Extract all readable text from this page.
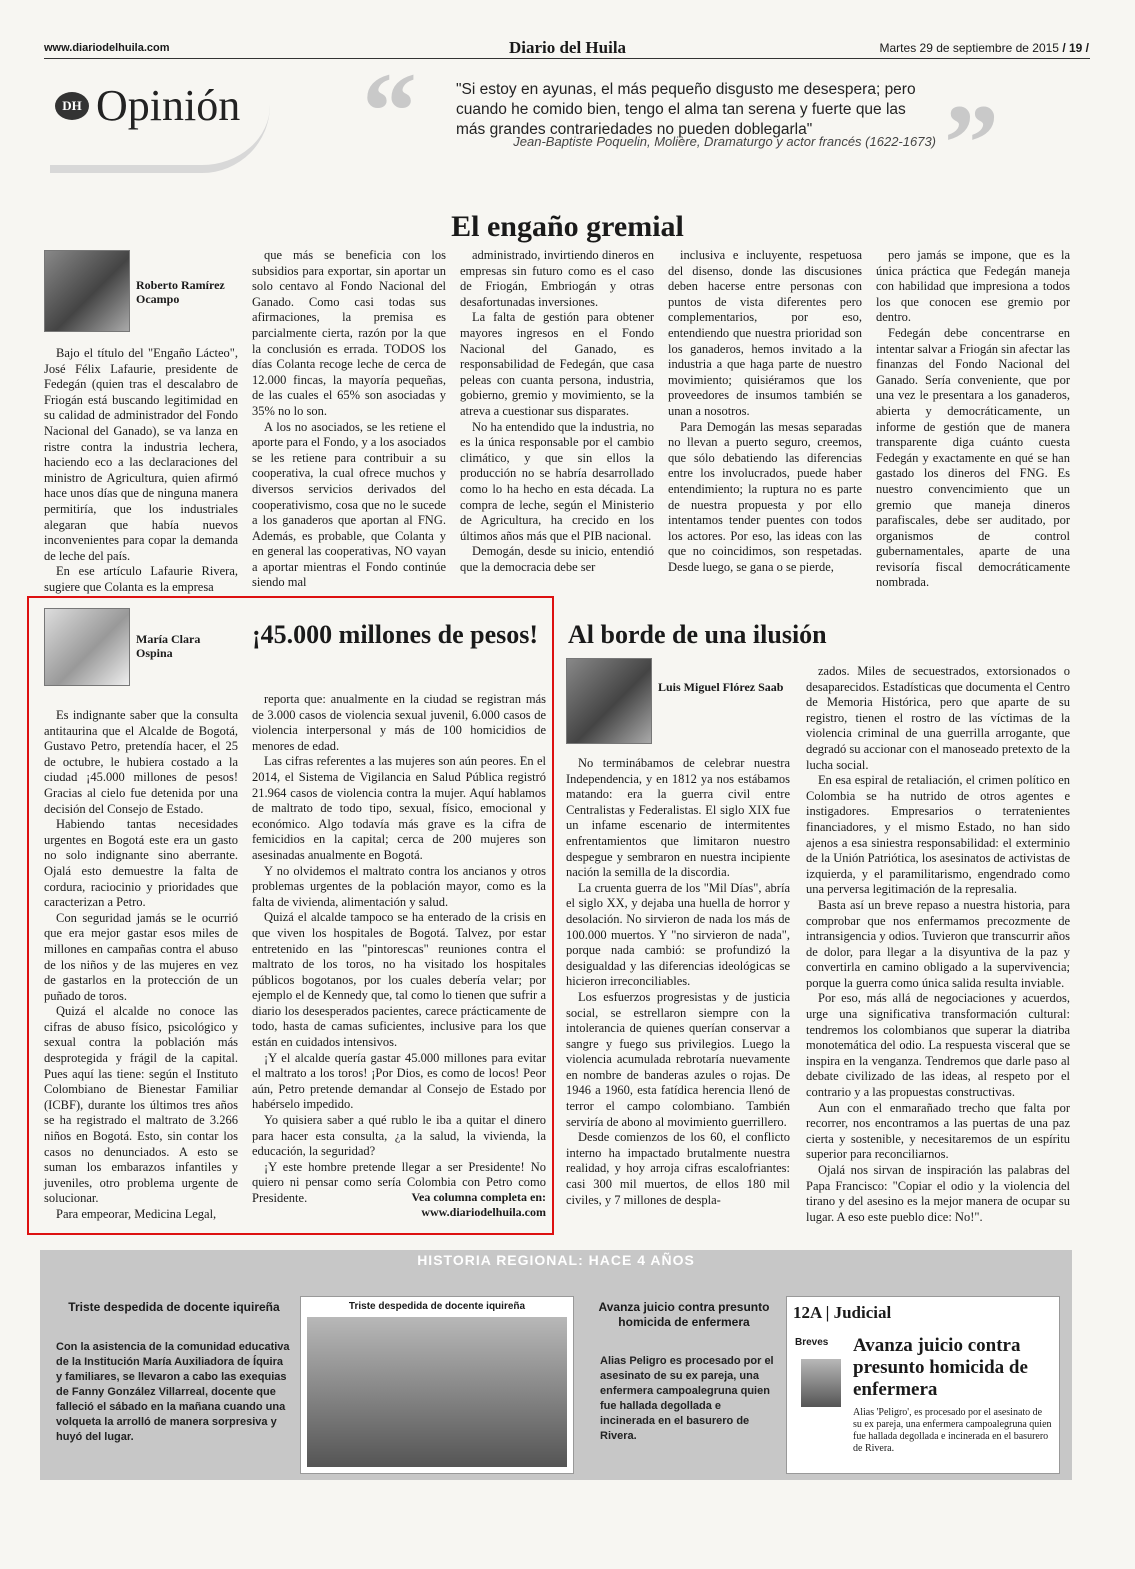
www.diariodelhuila.com	Diario del Huila	Martes 29 de septiembre de 2015 / 19 /
DH Opinión “	"Si estoy en ayunas, el más pequeño disgusto me desespera; pero cuando he comido bien, tengo el alma tan serena y fuerte que las más grandes contrariedades no pueden doblegarla"
Jean-Baptiste Poquelin, Molière, Dramaturgo y actor francés (1622-1673) ”
El engaño gremial
Roberto Ramírez Ocampo

Bajo el título del "Engaño Lácteo", José Félix Lafaurie, presidente de Fedegán (quien tras el descalabro de Friogán está buscando legitimidad en su calidad de administrador del Fondo Nacional del Ganado), se va lanza en ristre contra la industria lechera, haciendo eco a las declaraciones del ministro de Agricultura, quien afirmó hace unos días que de ninguna manera permitiría, que los industriales alegaran que había nuevos inconvenientes para copar la demanda de leche del país.

En ese artículo Lafaurie Rivera, sugiere que Colanta es la empresa

que más se beneficia con los subsidios para exportar, sin aportar un solo centavo al Fondo Nacional del Ganado. Como casi todas sus afirmaciones, la premisa es parcialmente cierta, razón por la que la conclusión es errada. TODOS los días Colanta recoge leche de cerca de 12.000 fincas, la mayoría pequeñas, de las cuales el 65% son asociadas y 35% no lo son.

A los no asociados, se les retiene el aporte para el Fondo, y a los asociados se les retiene para contribuir a su cooperativa, la cual ofrece muchos y diversos servicios derivados del cooperativismo, cosa que no le sucede a los ganaderos que aportan al FNG. Además, es probable, que Colanta y en general las cooperativas, NO vayan a aportar mientras el Fondo continúe siendo mal

administrado, invirtiendo dineros en empresas sin futuro como es el caso de Friogán, Embriogán y otras desafortunadas inversiones.

La falta de gestión para obtener mayores ingresos en el Fondo Nacional del Ganado, es responsabilidad de Fedegán, que casa peleas con cuanta persona, industria, gobierno, gremio y movimiento, se la atreva a cuestionar sus disparates.

No ha entendido que la industria, no es la única responsable por el cambio climático, y que sin ellos la producción no se habría desarrollado como lo ha hecho en esta década. La compra de leche, según el Ministerio de Agricultura, ha crecido en los últimos años más que el PIB nacional.

Demogán, desde su inicio, entendió que la democracia debe ser

inclusiva e incluyente, respetuosa del disenso, donde las discusiones deben hacerse entre personas con puntos de vista diferentes pero complementarios, por eso, entendiendo que nuestra prioridad son los ganaderos, hemos invitado a la industria a que haga parte de nuestro movimiento; quisiéramos que los proveedores de insumos también se unan a nosotros.

Para Demogán las mesas separadas no llevan a puerto seguro, creemos, que sólo debatiendo las diferencias entre los involucrados, puede haber entendimiento; la ruptura no es parte de nuestra propuesta y por ello intentamos tender puentes con todos los actores. Por eso, las ideas con las que no coincidimos, son respetadas. Desde luego, se gana o se pierde,

pero jamás se impone, que es la única práctica que Fedegán maneja con habilidad que impresiona a todos los que conocen ese gremio por dentro.

Fedegán debe concentrarse en intentar salvar a Friogán sin afectar las finanzas del Fondo Nacional del Ganado. Sería conveniente, que por una vez le presentara a los ganaderos, abierta y democráticamente, un informe de gestión que de manera transparente diga cuánto cuesta Fedegán y exactamente en qué se han gastado los dineros del FNG. Es nuestro convencimiento que un gremio que maneja dineros parafiscales, debe ser auditado, por organismos de control gubernamentales, aparte de una revisoría fiscal democráticamente nombrada.

María Clara Ospina
¡45.000 millones de pesos!

Es indignante saber que la consulta antitaurina que el Alcalde de Bogotá, Gustavo Petro, pretendía hacer, el 25 de octubre, le hubiera costado a la ciudad ¡45.000 millones de pesos! Gracias al cielo fue detenida por una decisión del Consejo de Estado.

Habiendo tantas necesidades urgentes en Bogotá este era un gasto no solo indignante sino aberrante. Ojalá esto demuestre la falta de cordura, raciocinio y prioridades que caracterizan a Petro.

Con seguridad jamás se le ocurrió que era mejor gastar esos miles de millones en campañas contra el abuso de los niños y de las mujeres en vez de gastarlos en la protección de un puñado de toros.

Quizá el alcalde no conoce las cifras de abuso físico, psicológico y sexual contra la población más desprotegida y frágil de la capital. Pues aquí las tiene: según el Instituto Colombiano de Bienestar Familiar (ICBF), durante los últimos tres años se ha registrado el maltrato de 3.266 niños en Bogotá. Esto, sin contar los casos no denunciados. A esto se suman los embarazos infantiles y juveniles, otro problema urgente de solucionar.

Para empeorar, Medicina Legal,

reporta que: anualmente en la ciudad se registran más de 3.000 casos de violencia sexual juvenil, 6.000 casos de violencia interpersonal y más de 100 homicidios de menores de edad.

Las cifras referentes a las mujeres son aún peores. En el 2014, el Sistema de Vigilancia en Salud Pública registró 21.964 casos de violencia contra la mujer. Aquí hablamos de maltrato de todo tipo, sexual, físico, emocional y económico. Algo todavía más grave es la cifra de femicidios en la capital; cerca de 200 mujeres son asesinadas anualmente en Bogotá.

Y no olvidemos el maltrato contra los ancianos y otros problemas urgentes de la población mayor, como es la falta de vivienda, alimentación y salud.

Quizá el alcalde tampoco se ha enterado de la crisis en que viven los hospitales de Bogotá. Talvez, por estar entretenido en las "pintorescas" reuniones contra el maltrato de los toros, no ha visitado los hospitales públicos bogotanos, por los cuales debería velar; por ejemplo el de Kennedy que, tal como lo tienen que sufrir a diario los desesperados pacientes, carece prácticamente de todo, hasta de camas suficientes, inclusive para los que están en cuidados intensivos.

¡Y el alcalde quería gastar 45.000 millones para evitar el maltrato a los toros! ¡Por Dios, es como de locos! Peor aún, Petro pretende demandar al Consejo de Estado por habérselo impedido.

Yo quisiera saber a qué rublo le iba a quitar el dinero para hacer esta consulta, ¿a la salud, la vivienda, la educación, la seguridad?

¡Y este hombre pretende llegar a ser Presidente! No quiero ni pensar como sería Colombia con Petro como Presidente.	Vea columna completa en:
www.diariodelhuila.com
Al borde de una ilusión
Luis Miguel Flórez Saab

No terminábamos de celebrar nuestra Independencia, y en 1812 ya nos estábamos matando: era la guerra civil entre Centralistas y Federalistas. El siglo XIX fue un infame escenario de intermitentes enfrentamientos que limitaron nuestro despegue y sembraron en nuestra incipiente nación la semilla de la discordia.

La cruenta guerra de los "Mil Días", abría el siglo XX, y dejaba una huella de horror y desolación. No sirvieron de nada los más de 100.000 muertos. Y "no sirvieron de nada", porque nada cambió: se profundizó la desigualdad y las diferencias ideológicas se hicieron irreconciliables.

Los esfuerzos progresistas y de justicia social, se estrellaron siempre con la intolerancia de quienes querían conservar a sangre y fuego sus privilegios. Luego la violencia acumulada rebrotaría nuevamente en nombre de banderas azules o rojas. De 1946 a 1960, esta fatídica herencia llenó de terror el campo colombiano. También serviría de abono al movimiento guerrillero.

Desde comienzos de los 60, el conflicto interno ha impactado brutalmente nuestra realidad, y hoy arroja cifras escalofriantes: casi 300 mil muertos, de ellos 180 mil civiles, y 7 millones de despla-

zados. Miles de secuestrados, extorsionados o desaparecidos. Estadísticas que documenta el Centro de Memoria Histórica, pero que aparte de su registro, tienen el rostro de las víctimas de la violencia criminal de una guerrilla arrogante, que degradó su accionar con el manoseado pretexto de la lucha social.

En esa espiral de retaliación, el crimen político en Colombia se ha nutrido de otros agentes e instigadores. Empresarios o terratenientes financiadores, y el mismo Estado, no han sido ajenos a esa siniestra responsabilidad: el exterminio de la Unión Patriótica, los asesinatos de activistas de izquierda, y el paramilitarismo, engendrado como una perversa legitimación de la represalia.

Basta así un breve repaso a nuestra historia, para comprobar que nos enfermamos precozmente de intransigencia y odios. Tuvieron que transcurrir años de dolor, para llegar a la disyuntiva de la paz y convertirla en camino obligado a la supervivencia; porque la guerra como única salida resulta inviable.

Por eso, más allá de negociaciones y acuerdos, urge una significativa transformación cultural: tendremos los colombianos que superar la diatriba monotemática del odio. La respuesta visceral que se inspira en la venganza. Tendremos que darle paso al debate civilizado de las ideas, al respeto por el contrario y a las propuestas constructivas.

Aun con el enmarañado trecho que falta por recorrer, nos encontramos a las puertas de una paz cierta y sostenible, y necesitaremos de un espíritu superior para reconciliarnos.

Ojalá nos sirvan de inspiración las palabras del Papa Francisco: "Copiar el odio y la violencia del tirano y del asesino es la mejor manera de ocupar su lugar. A eso este pueblo dice: No!".

HISTORIA REGIONAL: HACE 4 AÑOS
Triste despedida de docente iquireña
Con la asistencia de la comunidad educativa de la Institución María Auxiliadora de Íquira y familiares, se llevaron a cabo las exequias de Fanny González Villarreal, docente que falleció el sábado en la mañana cuando una volqueta la arrolló de manera sorpresiva y huyó del lugar.
Triste despedida de docente iquireña	Avanza juicio contra presunto homicida de enfermera
Alias Peligro es procesado por el asesinato de su ex pareja, una enfermera campoalegruna quien fue hallada degollada e incinerada en el basurero de Rivera.
12A | Judicial
Breves Avanza juicio contra presunto homicida de enfermera
Alias 'Peligro', es procesado por el asesinato de su ex pareja, una enfermera campoalegruna quien fue hallada degollada e incinerada en el basurero de Rivera.
